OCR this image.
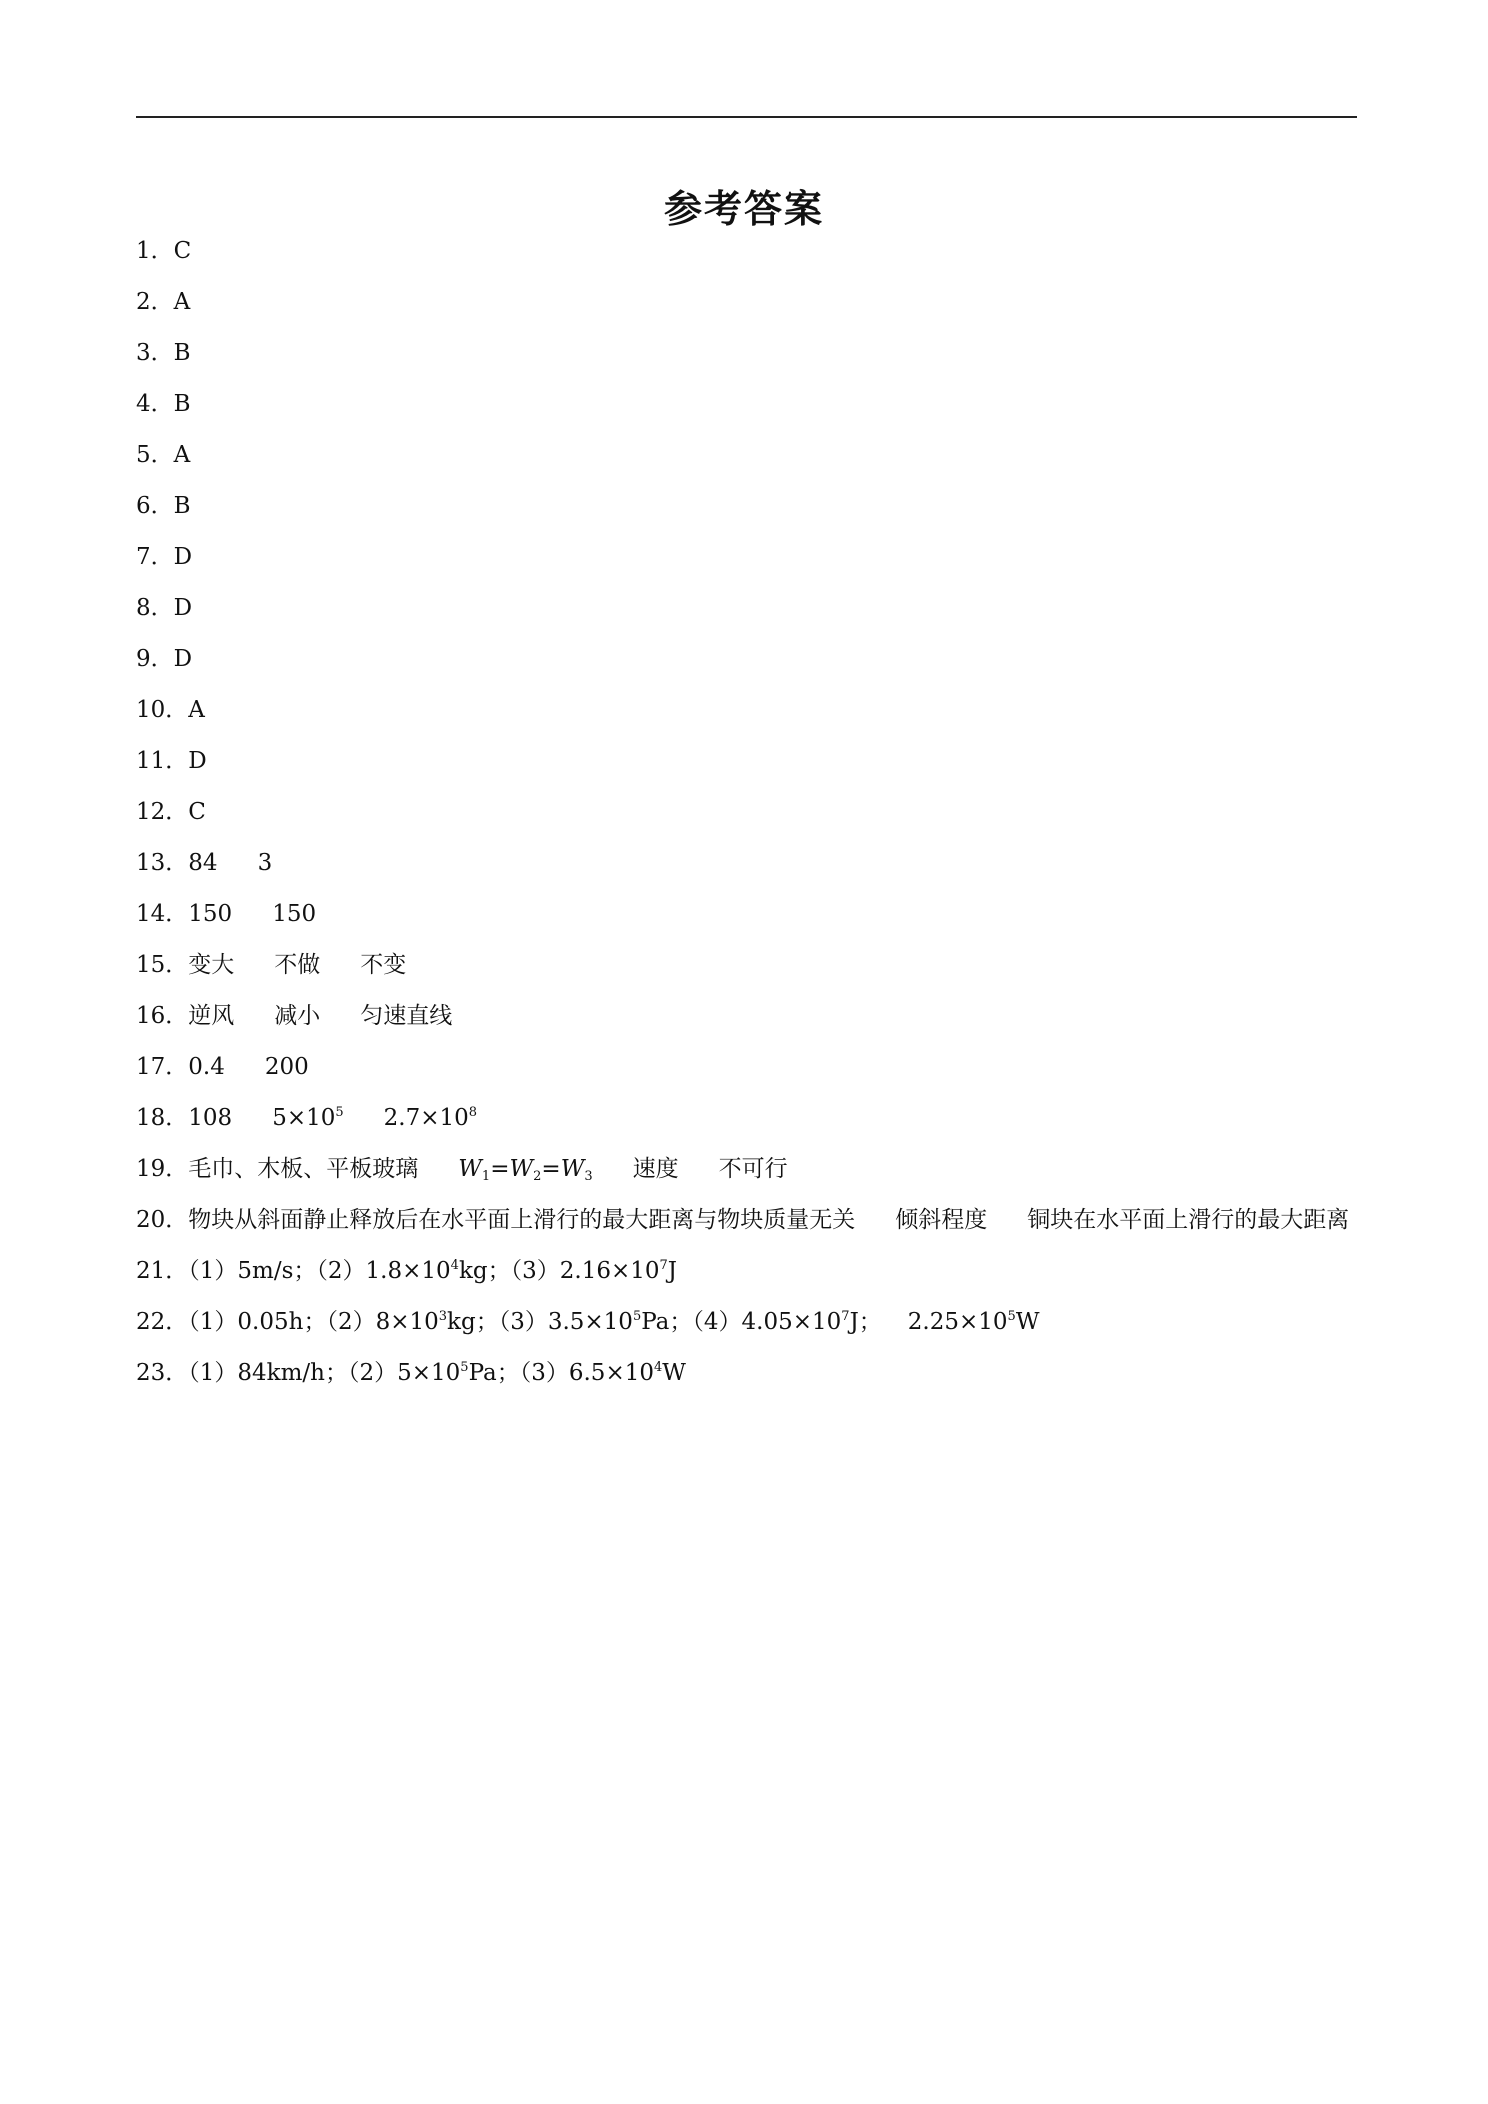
参考答案
1．C
2．A
3．B
4．B
5．A
6．B
7．D
8．D
9．D
10．A
11．D
12．C
13．84 3
14．150 150
15．变大 不做 不变
16．逆风 减小 匀速直线
17．0.4 200
18．108 $5\times 10^5$ $2.7\times 10^8$
19．毛巾、木板、平板玻璃 $W_1=W_2=W_3$ 速度 不可行
20．物块从斜面静止释放后在水平面上滑行的最大距离与物块质量无关 倾斜程度 铜块在水平面上滑行的最大距离
21．（1）5m/s；$(2)1.8\times 10^4kg$；$(3)2.16\times 10^7J$
22．（1）0.05h；$(2)8\times 10^3kg$；$(3)3.5\times 10^5Pa$；$(4)4.05\times 10^7J$； $2.25\times 10^5W$
23．（1）84km/h；$(2)5\times 10^5Pa$；$(3)6.5\times 10^4W$
